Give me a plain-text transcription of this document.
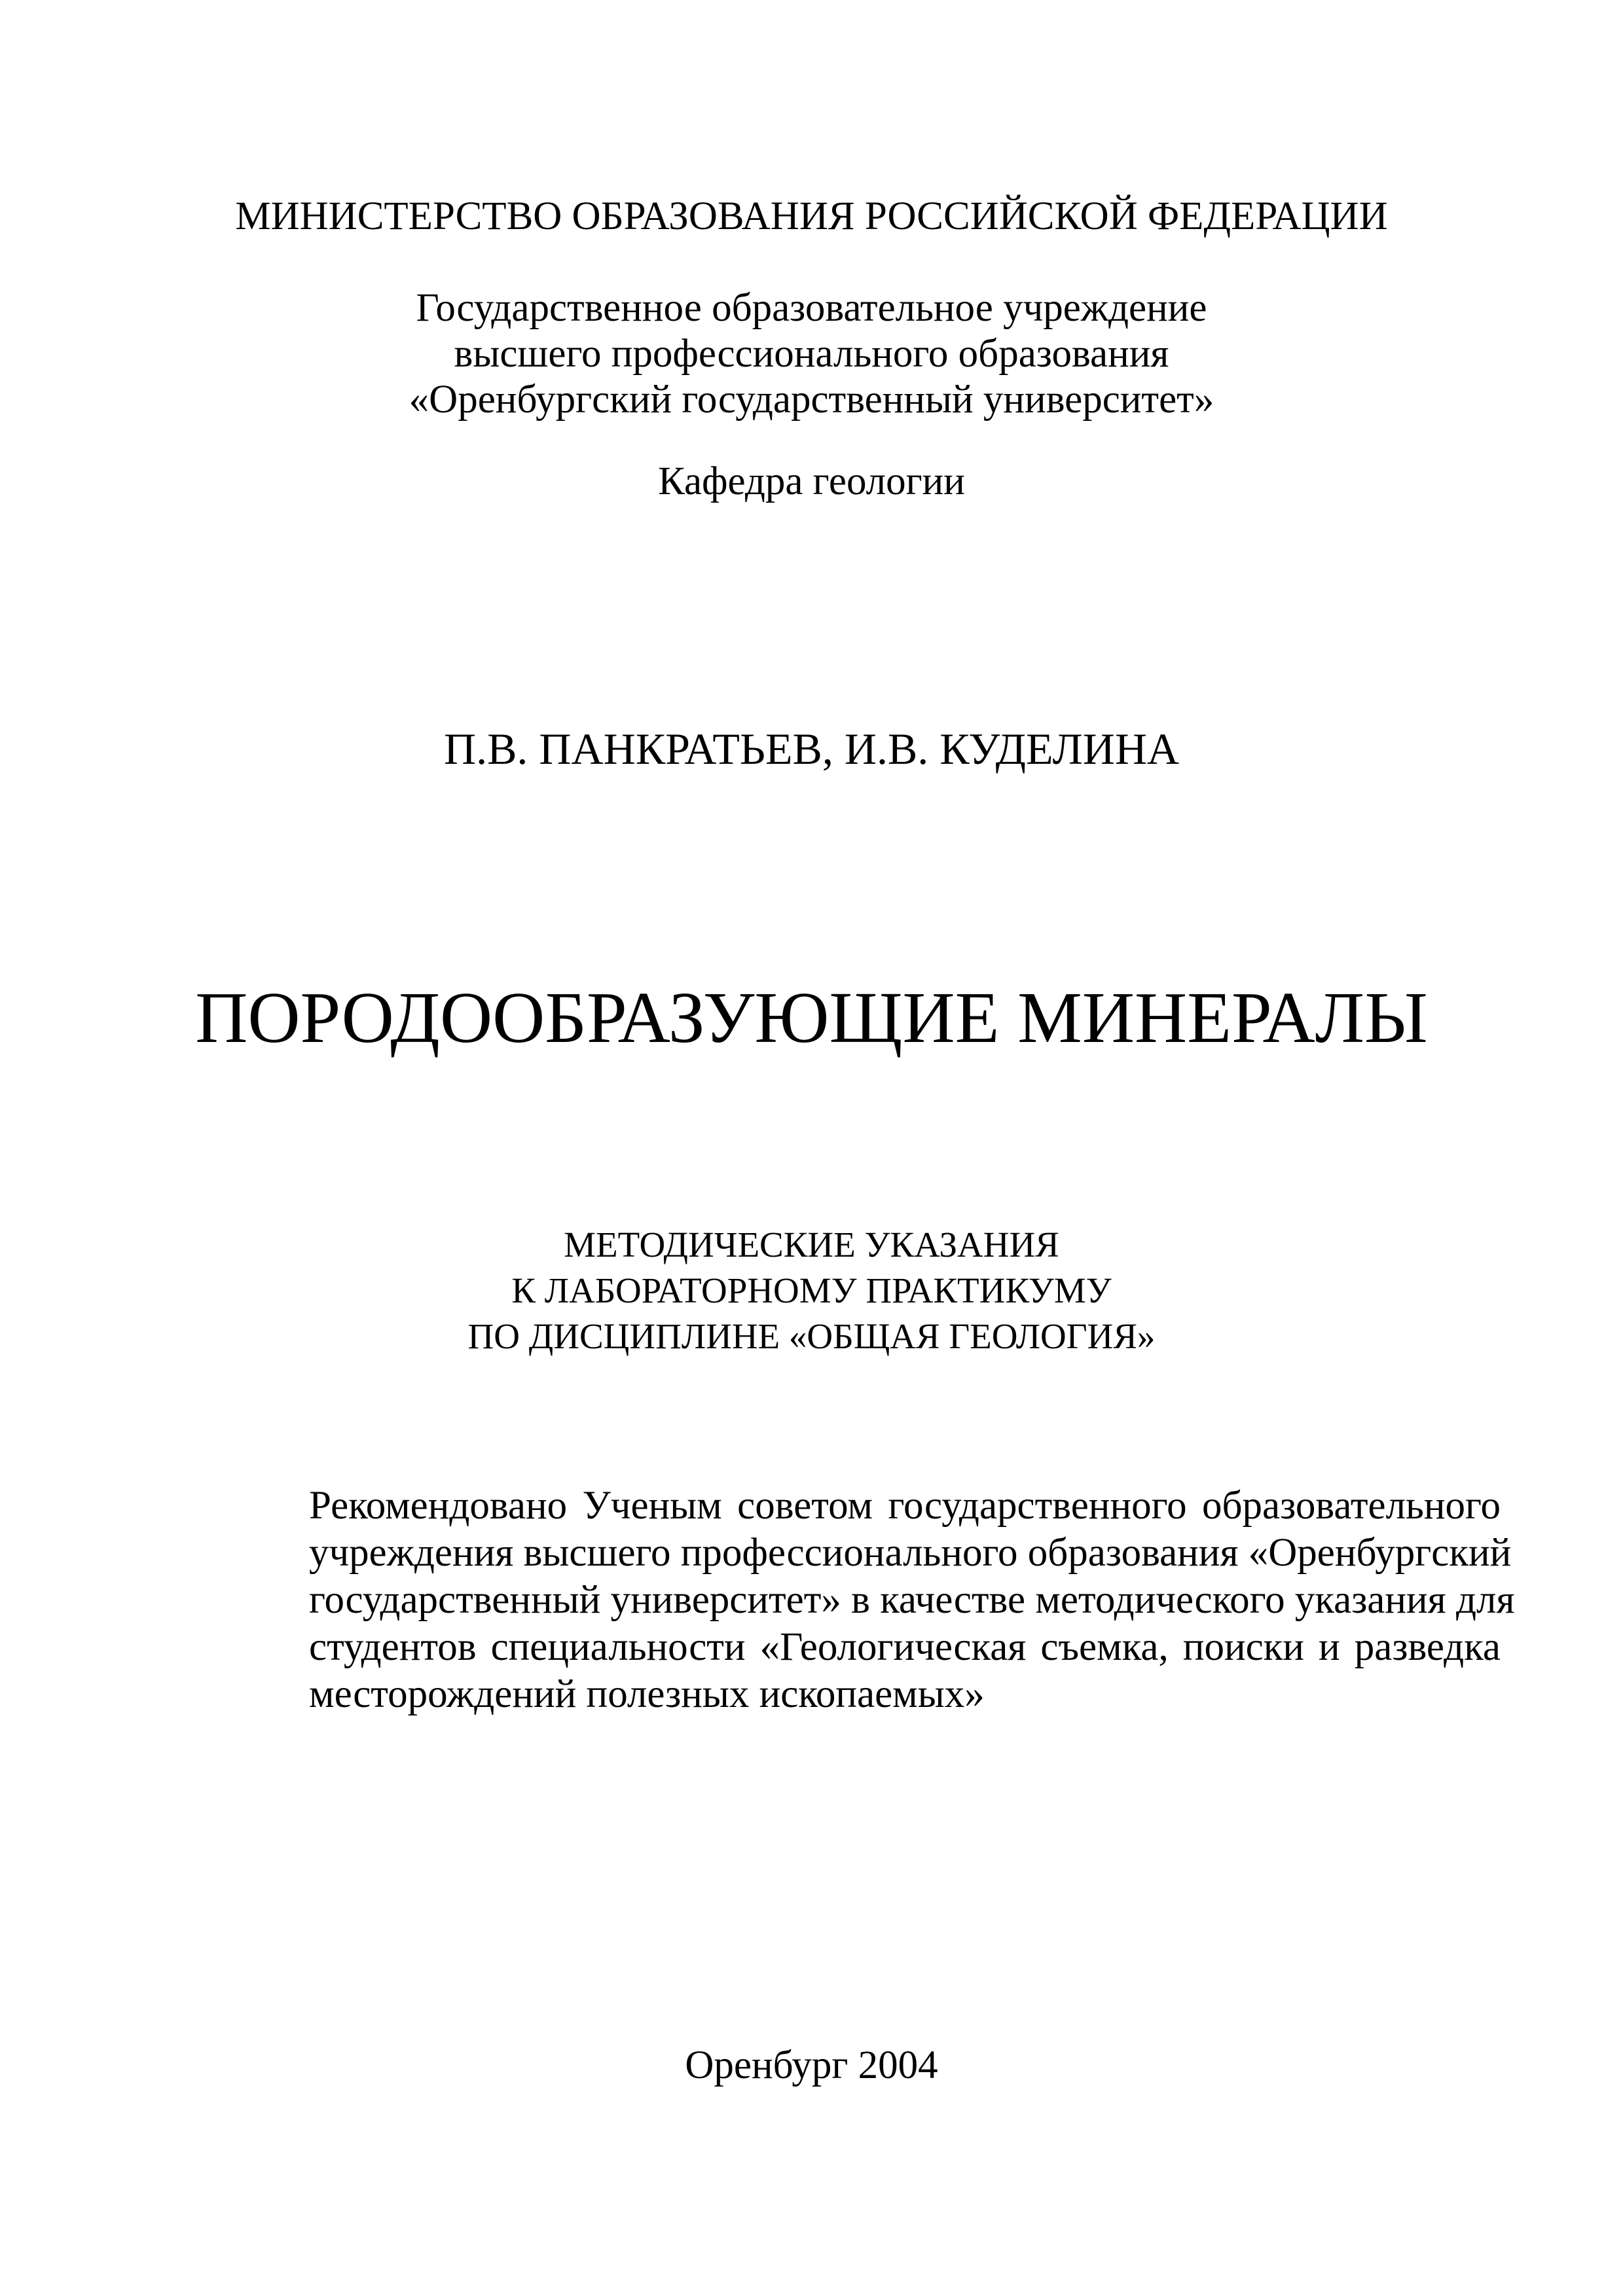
МИНИСТЕРСТВО ОБРАЗОВАНИЯ РОССИЙСКОЙ ФЕДЕРАЦИИ
Государственное образовательное учреждение
высшего профессионального образования
«Оренбургский государственный университет»
Кафедра геологии
П.В. ПАНКРАТЬЕВ, И.В. КУДЕЛИНА
ПОРОДООБРАЗУЮЩИЕ МИНЕРАЛЫ
МЕТОДИЧЕСКИЕ УКАЗАНИЯ
К ЛАБОРАТОРНОМУ ПРАКТИКУМУ
ПО ДИСЦИПЛИНЕ «ОБЩАЯ ГЕОЛОГИЯ»
Рекомендовано Ученым советом государственного образовательного
учреждения высшего профессионального образования «Оренбургский
государственный университет» в качестве методического указания для
студентов специальности «Геологическая съемка, поиски и разведка
месторождений полезных ископаемых»
Оренбург 2004
